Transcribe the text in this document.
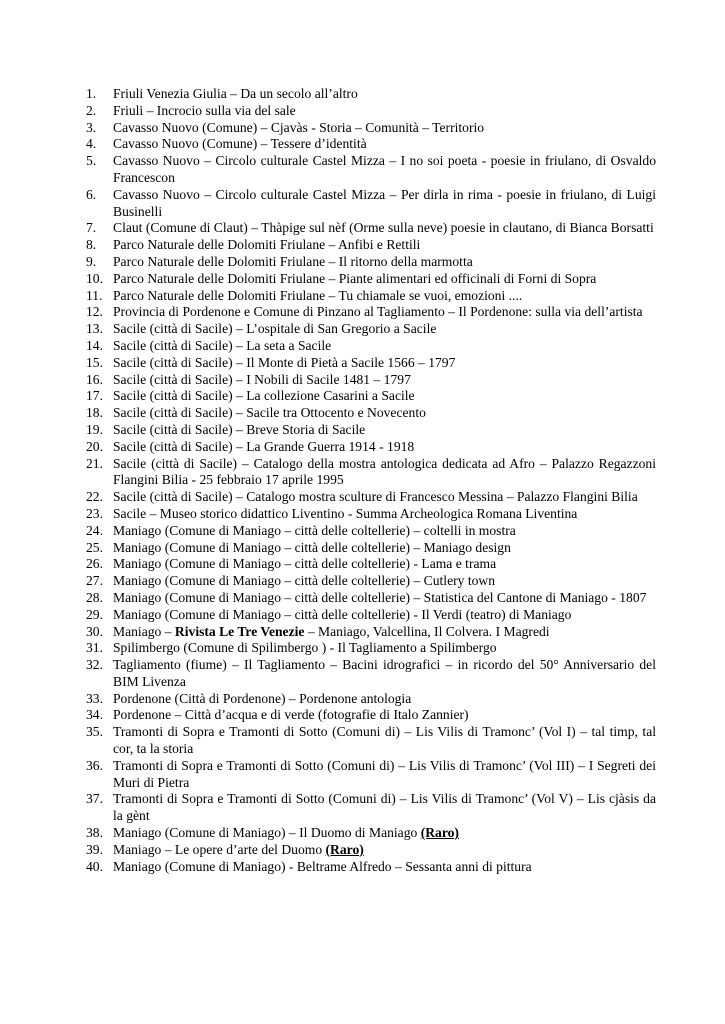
1. Friuli Venezia Giulia – Da un secolo all’altro
2. Friuli – Incrocio sulla via del sale
3. Cavasso Nuovo (Comune) – Cjavàs - Storia – Comunità – Territorio
4. Cavasso Nuovo (Comune) – Tessere d’identità
5. Cavasso Nuovo – Circolo culturale Castel Mizza – I no soi poeta - poesie in friulano, di Osvaldo Francescon
6. Cavasso Nuovo – Circolo culturale Castel Mizza – Per dirla in rima - poesie in friulano, di Luigi Businelli
7. Claut (Comune di Claut) – Thàpige sul nèf (Orme sulla neve) poesie in clautano, di Bianca Borsatti
8. Parco Naturale delle Dolomiti Friulane – Anfibi e Rettili
9. Parco Naturale delle Dolomiti Friulane – Il ritorno della marmotta
10. Parco Naturale delle Dolomiti Friulane – Piante alimentari ed officinali di Forni di Sopra
11. Parco Naturale delle Dolomiti Friulane – Tu chiamale se vuoi, emozioni ....
12. Provincia di Pordenone e Comune di Pinzano al Tagliamento – Il Pordenone: sulla via dell’artista
13. Sacile (città di Sacile) – L’ospitale di San Gregorio a Sacile
14. Sacile (città di Sacile) – La seta a Sacile
15. Sacile (città di Sacile) – Il Monte di Pietà a Sacile 1566 – 1797
16. Sacile (città di Sacile) – I Nobili di Sacile 1481 – 1797
17. Sacile (città di Sacile) – La collezione Casarini a Sacile
18. Sacile (città di Sacile) – Sacile tra Ottocento e Novecento
19. Sacile (città di Sacile) – Breve Storia di Sacile
20. Sacile (città di Sacile) – La Grande Guerra 1914 - 1918
21. Sacile (città di Sacile) – Catalogo della mostra antologica dedicata ad Afro – Palazzo Regazzoni Flangini Bilia - 25 febbraio 17 aprile 1995
22. Sacile (città di Sacile) – Catalogo mostra sculture di Francesco Messina – Palazzo Flangini Bilia
23. Sacile – Museo storico didattico Liventino - Summa Archeologica Romana Liventina
24. Maniago (Comune di Maniago – città delle coltellerie) – coltelli in mostra
25. Maniago (Comune di Maniago – città delle coltellerie) – Maniago design
26. Maniago (Comune di Maniago – città delle coltellerie) - Lama e trama
27. Maniago (Comune di Maniago – città delle coltellerie) – Cutlery town
28. Maniago (Comune di Maniago – città delle coltellerie) – Statistica del Cantone di Maniago - 1807
29. Maniago (Comune di Maniago – città delle coltellerie) - Il Verdi (teatro) di Maniago
30. Maniago – Rivista Le Tre Venezie – Maniago, Valcellina, Il Colvera. I Magredi
31. Spilimbergo (Comune di Spilimbergo ) - Il Tagliamento a Spilimbergo
32. Tagliamento (fiume) – Il Tagliamento – Bacini idrografici – in ricordo del 50° Anniversario del BIM Livenza
33. Pordenone (Città di Pordenone) – Pordenone antologia
34. Pordenone – Città d’acqua e di verde (fotografie di Italo Zannier)
35. Tramonti di Sopra e Tramonti di Sotto (Comuni di) – Lis Vilis di Tramonc’ (Vol I) – tal timp, tal cor, ta la storia
36. Tramonti di Sopra e Tramonti di Sotto (Comuni di) – Lis Vilis di Tramonc’ (Vol III) – I Segreti dei Muri di Pietra
37. Tramonti di Sopra e Tramonti di Sotto (Comuni di) – Lis Vilis di Tramonc’ (Vol V) – Lis cjàsis da la gènt
38. Maniago (Comune di Maniago) – Il Duomo di Maniago (Raro)
39. Maniago – Le opere d’arte del Duomo (Raro)
40. Maniago (Comune di Maniago) - Beltrame Alfredo – Sessanta anni di pittura
